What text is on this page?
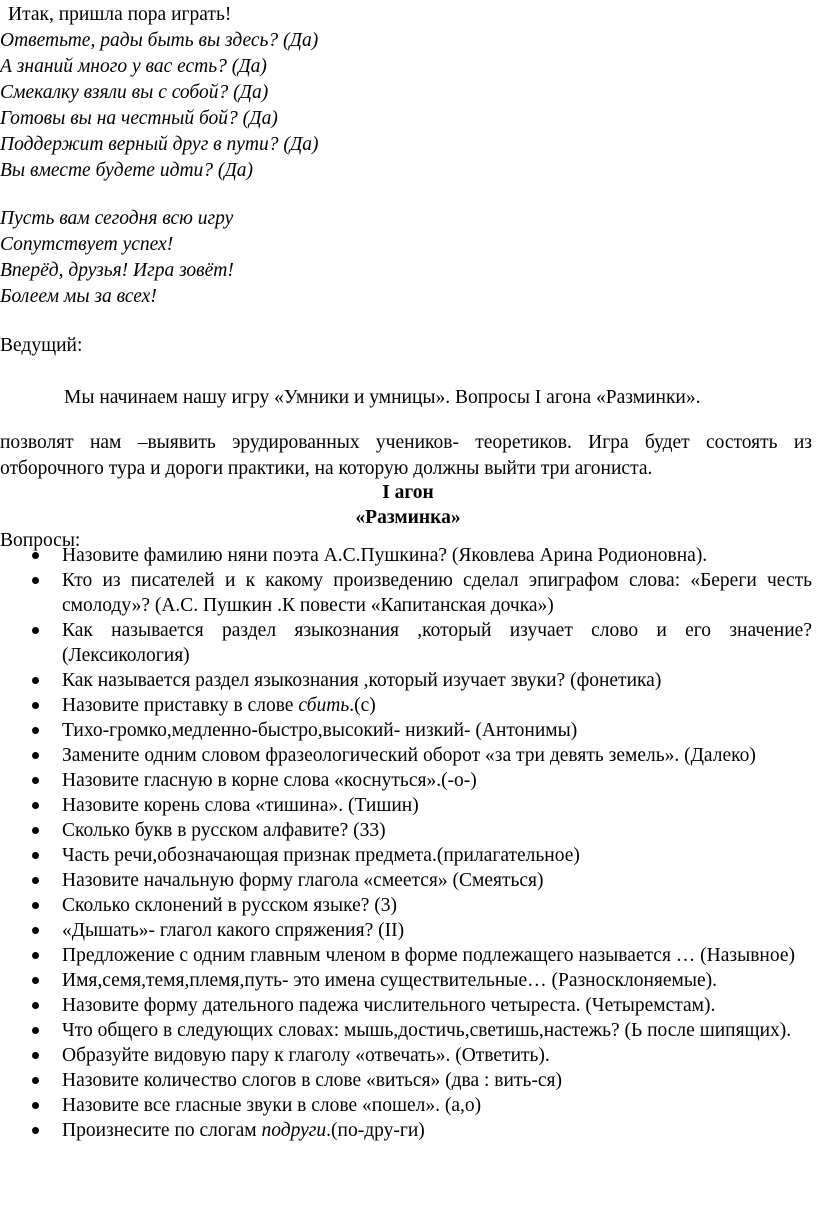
Итак, пришла пора играть!
Ответьте, рады быть вы здесь? (Да)
А знаний много у вас есть? (Да)
Смекалку взяли вы с собой? (Да)
Готовы вы на честный бой? (Да)
Поддержит верный друг в пути? (Да)
Вы вместе будете идти? (Да)
Пусть вам сегодня всю игру
Сопутствует успех!
Вперёд, друзья! Игра зовёт!
Болеем мы за всех!
Ведущий:
Мы начинаем нашу игру «Умники и умницы». Вопросы I агона «Разминки».
позволят нам –выявить эрудированных учеников- теоретиков. Игра будет состоять из
отборочного тура и дороги практики, на которую должны выйти три агониста.
I агон
«Разминка»
Вопросы:
Назовите фамилию няни поэта А.С.Пушкина? (Яковлева Арина Родионовна).
Кто из писателей и к какому произведению сделал эпиграфом слова: «Береги честь смолоду»? (А.С. Пушкин .К повести «Капитанская дочка»)
Как называется раздел языкознания ,который изучает слово и его значение? (Лексикология)
Как называется раздел языкознания ,который изучает звуки? (фонетика)
Назовите приставку в слове сбить.(с)
Тихо-громко,медленно-быстро,высокий- низкий- (Антонимы)
Замените одним словом фразеологический оборот «за три девять земель». (Далеко)
Назовите гласную в корне слова «коснуться».(-о-)
Назовите корень слова «тишина». (Тишин)
Сколько букв в русском алфавите? (33)
Часть речи,обозначающая признак предмета.(прилагательное)
Назовите начальную форму глагола «смеется» (Смеяться)
Сколько склонений в русском языке? (3)
«Дышать»- глагол какого спряжения? (II)
Предложение с одним главным членом в форме подлежащего называется … (Назывное)
Имя,семя,темя,племя,путь- это имена существительные… (Разносклоняемые).
Назовите форму дательного падежа числительного четыреста. (Четыремстам).
Что общего в следующих словах: мышь,достичь,светишь,настежь? (Ь после шипящих).
Образуйте видовую пару к глаголу «отвечать». (Ответить).
Назовите количество слогов в слове «виться» (два : вить-ся)
Назовите все гласные звуки в слове «пошел». (а,о)
Произнесите по слогам подруги.(по-дру-ги)
